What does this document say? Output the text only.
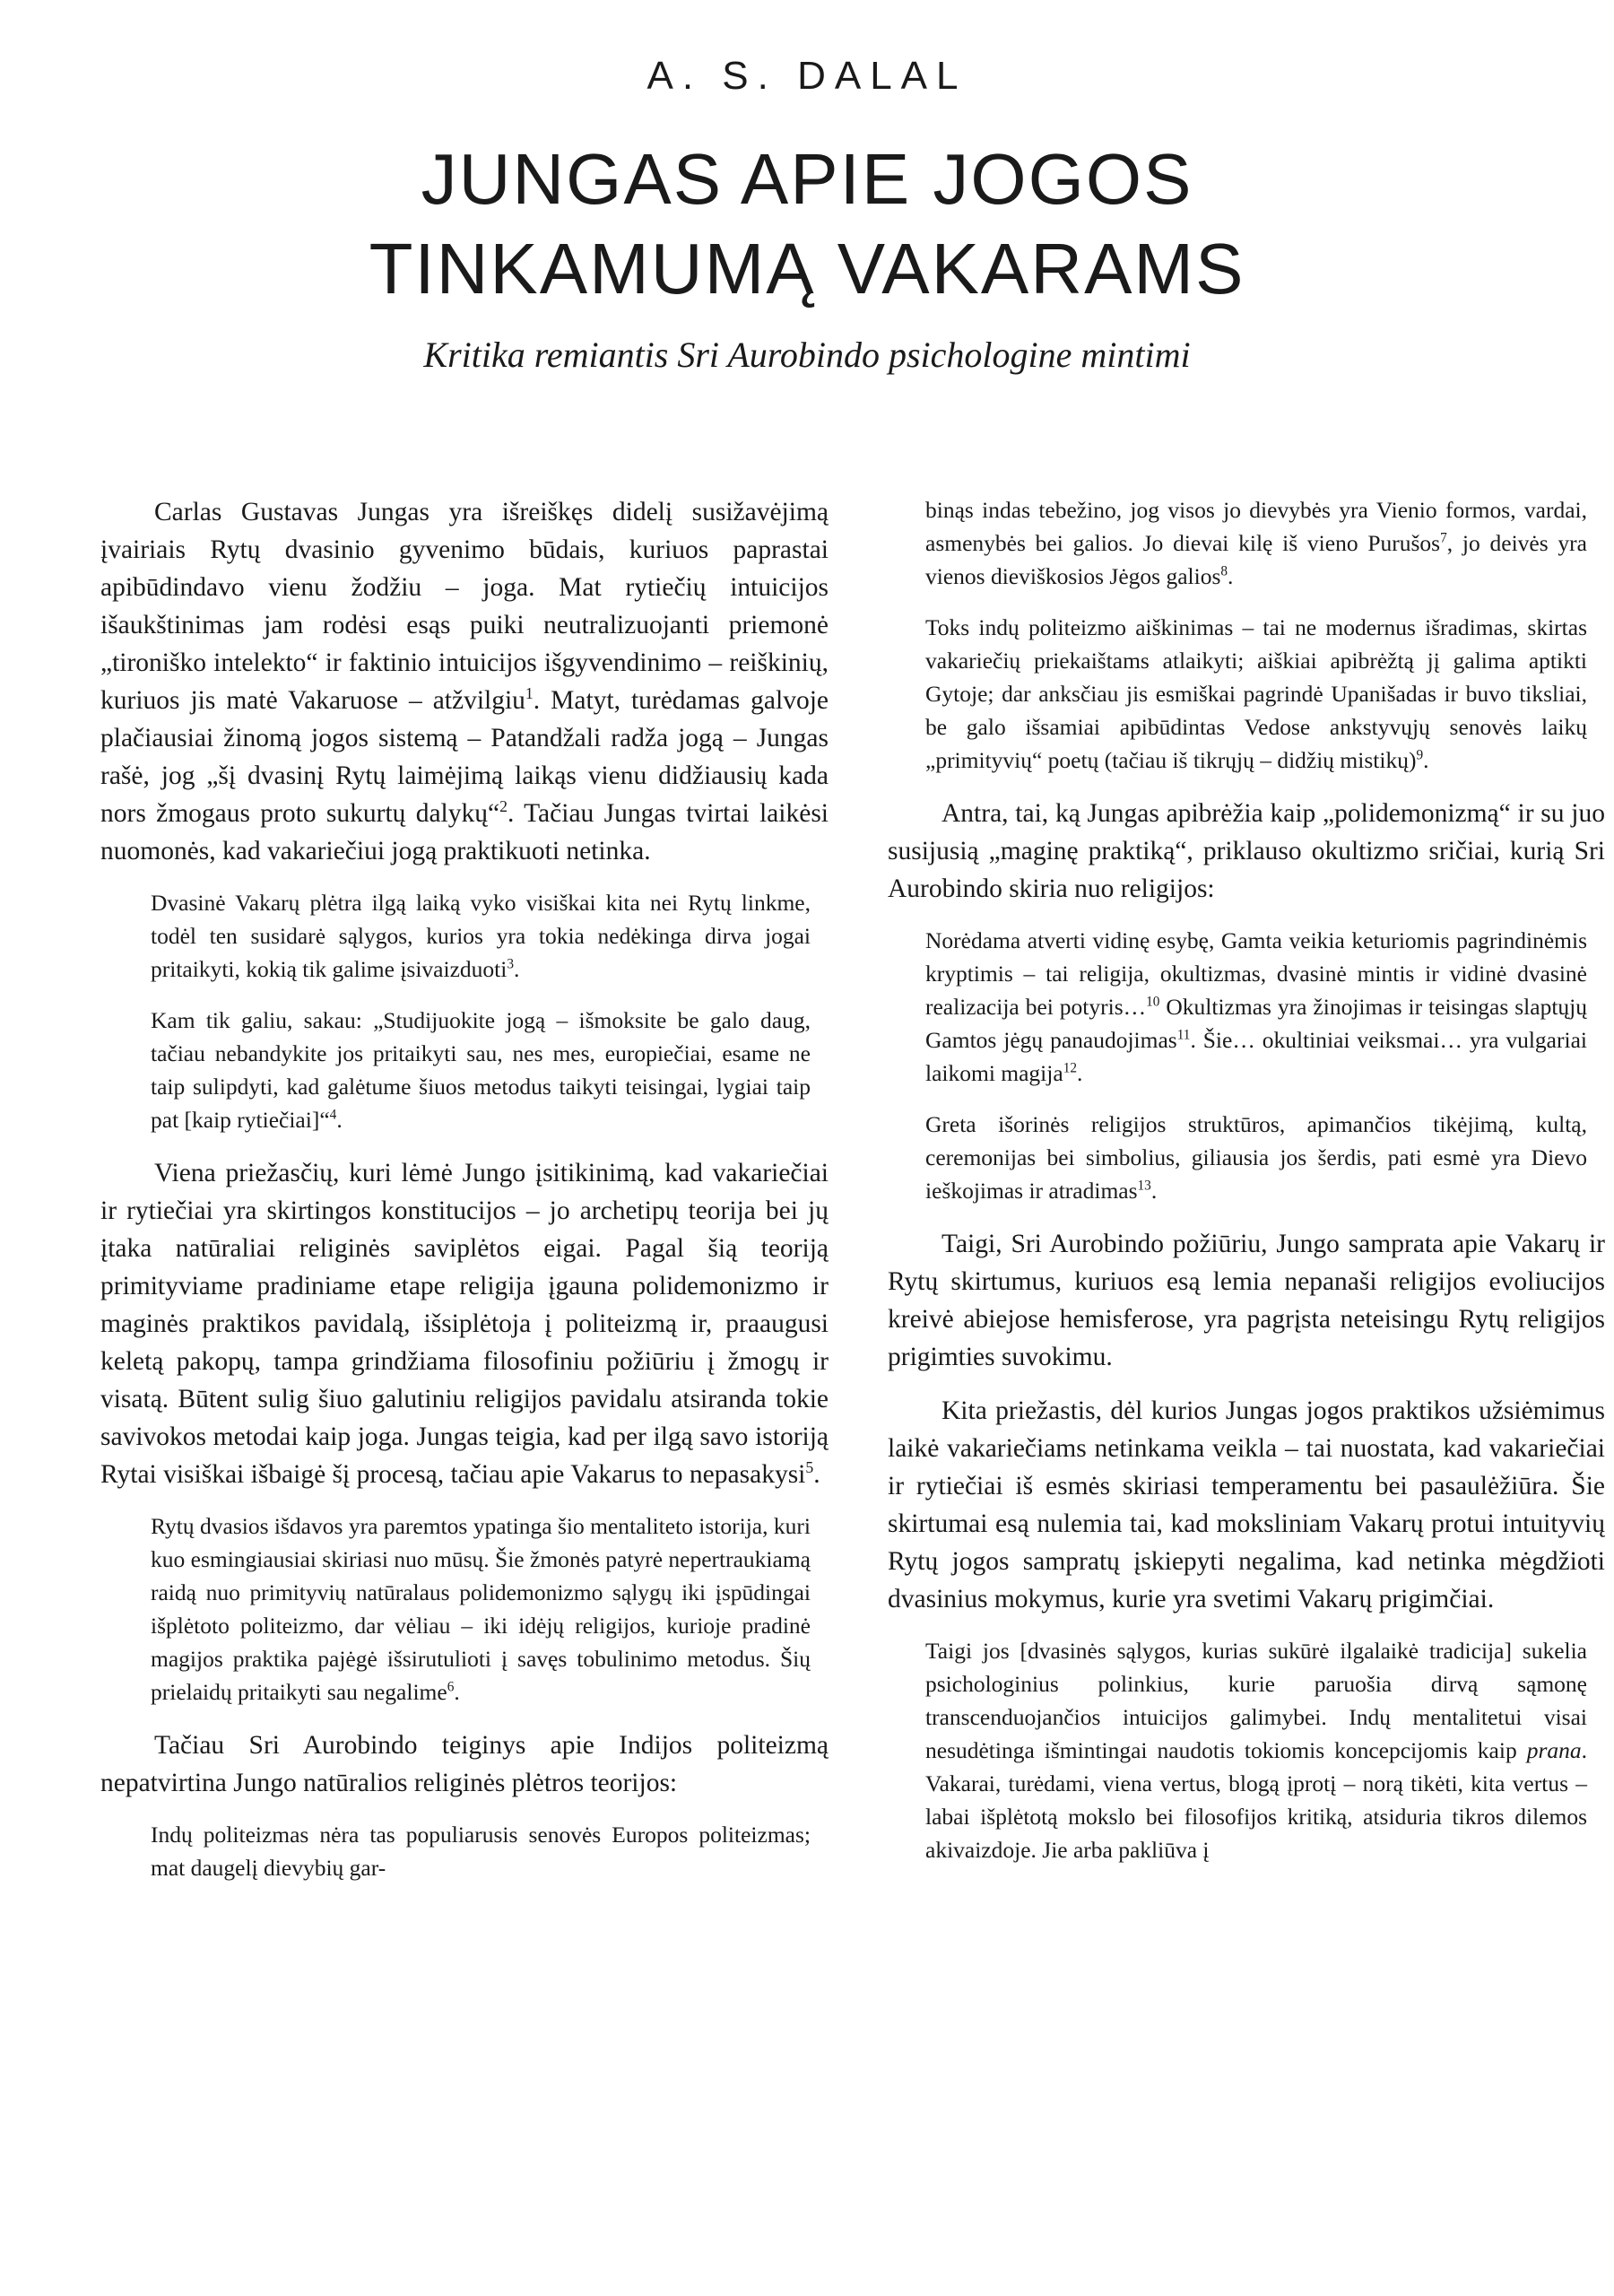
A. S. DALAL

JUNGAS APIE JOGOS
TINKAMUMĄ VAKARAMS

Kritika remiantis Sri Aurobindo psichologine mintimi

Carlas Gustavas Jungas yra išreiškęs didelį susižavėjimą įvairiais Rytų dvasinio gyvenimo būdais, kuriuos paprastai apibūdindavo vienu žodžiu – joga. Mat rytiečių intuicijos išaukštinimas jam rodėsi esąs puiki neutralizuojanti priemonė „tironiško intelekto“ ir faktinio intuicijos išgyvendinimo – reiškinių, kuriuos jis matė Vakaruose – atžvilgiu$^1$. Matyt, turėdamas galvoje plačiausiai žinomą jogos sistemą – Patandžali radža jogą – Jungas rašė, jog „šį dvasinį Rytų laimėjimą laikąs vienu didžiausių kada nors žmogaus proto sukurtų dalykų“$^2$. Tačiau Jungas tvirtai laikėsi nuomonės, kad vakariečiui jogą praktikuoti netinka.

Dvasinė Vakarų plėtra ilgą laiką vyko visiškai kita nei Rytų linkme, todėl ten susidarė sąlygos, kurios yra tokia nedėkinga dirva jogai pritaikyti, kokią tik galime įsivaizduoti$^3$.

Kam tik galiu, sakau: „Studijuokite jogą – išmoksite be galo daug, tačiau nebandykite jos pritaikyti sau, nes mes, europiečiai, esame ne taip sulipdyti, kad galėtume šiuos metodus taikyti teisingai, lygiai taip pat [kaip rytiečiai]“$^4$.

Viena priežasčių, kuri lėmė Jungo įsitikinimą, kad vakariečiai ir rytiečiai yra skirtingos konstitucijos – jo archetipų teorija bei jų įtaka natūraliai religinės saviplėtos eigai. Pagal šią teoriją primityviame pradiniame etape religija įgauna polidemonizmo ir maginės praktikos pavidalą, išsiplėtoja į politeizmą ir, praaugusi keletą pakopų, tampa grindžiama filosofiniu požiūriu į žmogų ir visatą. Būtent sulig šiuo galutiniu religijos pavidalu atsiranda tokie savivokos metodai kaip joga. Jungas teigia, kad per ilgą savo istoriją Rytai visiškai išbaigė šį procesą, tačiau apie Vakarus to nepasakysi$^5$.

Rytų dvasios išdavos yra paremtos ypatinga šio mentaliteto istorija, kuri kuo esmingiausiai skiriasi nuo mūsų. Šie žmonės patyrė nepertraukiamą raidą nuo primityvių natūralaus polidemonizmo sąlygų iki įspūdingai išplėtoto politeizmo, dar vėliau – iki idėjų religijos, kurioje pradinė magijos praktika pajėgė išsirutulioti į savęs tobulinimo metodus. Šių prielaidų pritaikyti sau negalime$^6$.

Tačiau Sri Aurobindo teiginys apie Indijos politeizmą nepatvirtina Jungo natūralios religinės plėtros teorijos:

Indų politeizmas nėra tas populiarusis senovės Europos politeizmas; mat daugelį dievybių gar-

binąs indas tebežino, jog visos jo dievybės yra Vienio formos, vardai, asmenybės bei galios. Jo dievai kilę iš vieno Purušos$^7$, jo deivės yra vienos dieviškosios Jėgos galios$^8$.

Toks indų politeizmo aiškinimas – tai ne modernus išradimas, skirtas vakariečių priekaištams atlaikyti; aiškiai apibrėžtą jį galima aptikti Gytoje; dar anksčiau jis esmiškai pagrindė Upanišadas ir buvo tiksliai, be galo išsamiai apibūdintas Vedose ankstyvųjų senovės laikų „primityvių“ poetų (tačiau iš tikrųjų – didžių mistikų)$^9$.

Antra, tai, ką Jungas apibrėžia kaip „polidemonizmą“ ir su juo susijusią „maginę praktiką“, priklauso okultizmo sričiai, kurią Sri Aurobindo skiria nuo religijos:

Norėdama atverti vidinę esybę, Gamta veikia keturiomis pagrindinėmis kryptimis – tai religija, okultizmas, dvasinė mintis ir vidinė dvasinė realizacija bei potyris…$^{10}$ Okultizmas yra žinojimas ir teisingas slaptųjų Gamtos jėgų panaudojimas$^{11}$. Šie… okultiniai veiksmai… yra vulgariai laikomi magija$^{12}$.

Greta išorinės religijos struktūros, apimančios tikėjimą, kultą, ceremonijas bei simbolius, giliausia jos šerdis, pati esmė yra Dievo ieškojimas ir atradimas$^{13}$.

Taigi, Sri Aurobindo požiūriu, Jungo samprata apie Vakarų ir Rytų skirtumus, kuriuos esą lemia nepanaši religijos evoliucijos kreivė abiejose hemisferose, yra pagrįsta neteisingu Rytų religijos prigimties suvokimu.

Kita priežastis, dėl kurios Jungas jogos praktikos užsiėmimus laikė vakariečiams netinkama veikla – tai nuostata, kad vakariečiai ir rytiečiai iš esmės skiriasi temperamentu bei pasaulėžiūra. Šie skirtumai esą nulemia tai, kad moksliniam Vakarų protui intuityvių Rytų jogos sampratų įskiepyti negalima, kad netinka mėgdžioti dvasinius mokymus, kurie yra svetimi Vakarų prigimčiai.

Taigi jos [dvasinės sąlygos, kurias sukūrė ilgalaikė tradicija] sukelia psichologinius polinkius, kurie paruošia dirvą sąmonę transcenduojančios intuicijos galimybei. Indų mentalitetui visai nesudėtinga išmintingai naudotis tokiomis koncepcijomis kaip prana. Vakarai, turėdami, viena vertus, blogą įprotį – norą tikėti, kita vertus – labai išplėtotą mokslo bei filosofijos kritiką, atsiduria tikros dilemos akivaizdoje. Jie arba pakliūva į
